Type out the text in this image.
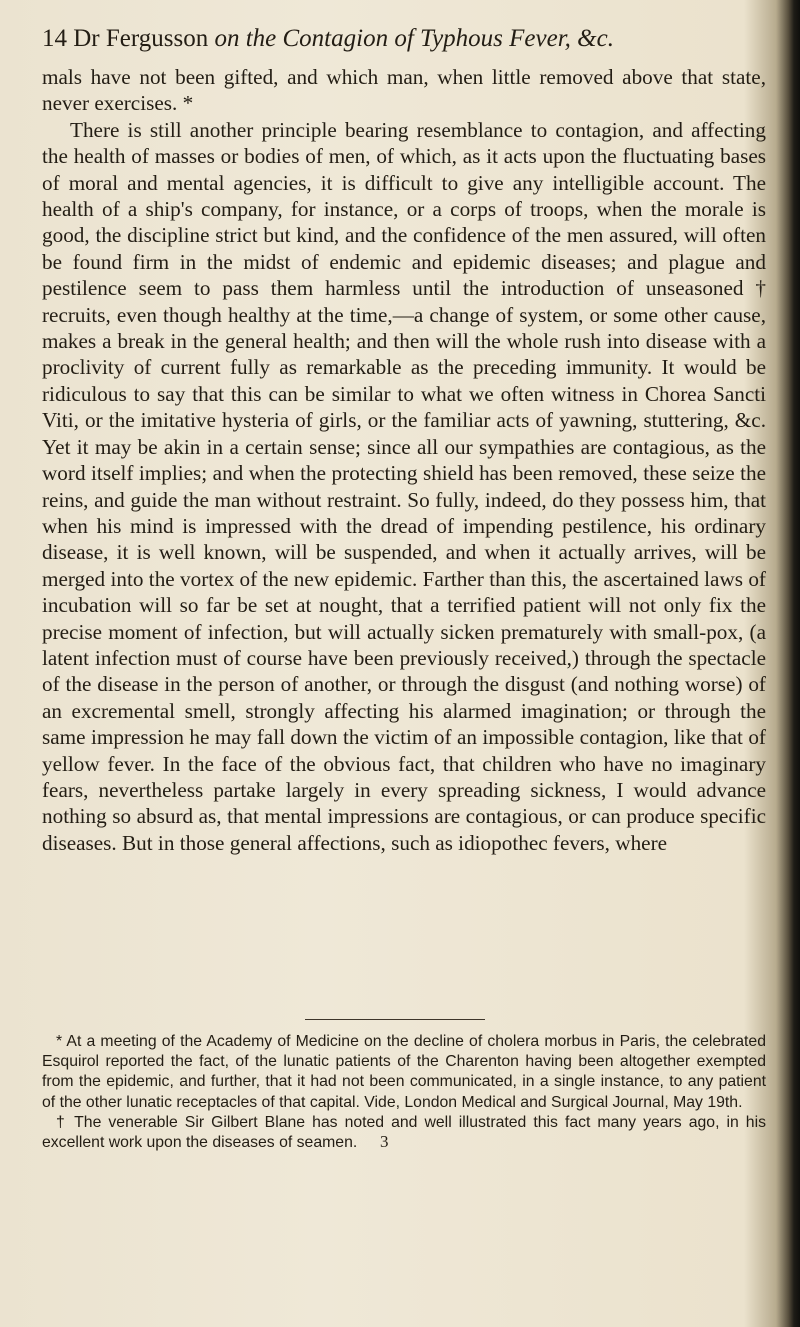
14 Dr Fergusson on the Contagion of Typhous Fever, &c.

mals have not been gifted, and which man, when little removed above that state, never exercises. *

There is still another principle bearing resemblance to contagion, and affecting the health of masses or bodies of men, of which, as it acts upon the fluctuating bases of moral and mental agencies, it is difficult to give any intelligible account. The health of a ship's company, for instance, or a corps of troops, when the morale is good, the discipline strict but kind, and the confidence of the men assured, will often be found firm in the midst of endemic and epidemic diseases; and plague and pestilence seem to pass them harmless until the introduction of unseasoned † recruits, even though healthy at the time,—a change of system, or some other cause, makes a break in the general health; and then will the whole rush into disease with a proclivity of current fully as remarkable as the preceding immunity. It would be ridiculous to say that this can be similar to what we often witness in Chorea Sancti Viti, or the imitative hysteria of girls, or the familiar acts of yawning, stuttering, &c. Yet it may be akin in a certain sense; since all our sympathies are contagious, as the word itself implies; and when the protecting shield has been removed, these seize the reins, and guide the man without restraint. So fully, indeed, do they possess him, that when his mind is impressed with the dread of impending pestilence, his ordinary disease, it is well known, will be suspended, and when it actually arrives, will be merged into the vortex of the new epidemic. Farther than this, the ascertained laws of incubation will so far be set at nought, that a terrified patient will not only fix the precise moment of infection, but will actually sicken prematurely with small-pox, (a latent infection must of course have been previously received,) through the spectacle of the disease in the person of another, or through the disgust (and nothing worse) of an excremental smell, strongly affecting his alarmed imagination; or through the same impression he may fall down the victim of an impossible contagion, like that of yellow fever. In the face of the obvious fact, that children who have no imaginary fears, nevertheless partake largely in every spreading sickness, I would advance nothing so absurd as, that mental impressions are contagious, or can produce specific diseases. But in those general affections, such as idiopothec fevers, where

* At a meeting of the Academy of Medicine on the decline of cholera morbus in Paris, the celebrated Esquirol reported the fact, of the lunatic patients of the Charenton having been altogether exempted from the epidemic, and further, that it had not been communicated, in a single instance, to any patient of the other lunatic receptacles of that capital. Vide, London Medical and Surgical Journal, May 19th.

† The venerable Sir Gilbert Blane has noted and well illustrated this fact many years ago, in his excellent work upon the diseases of seamen.	3
